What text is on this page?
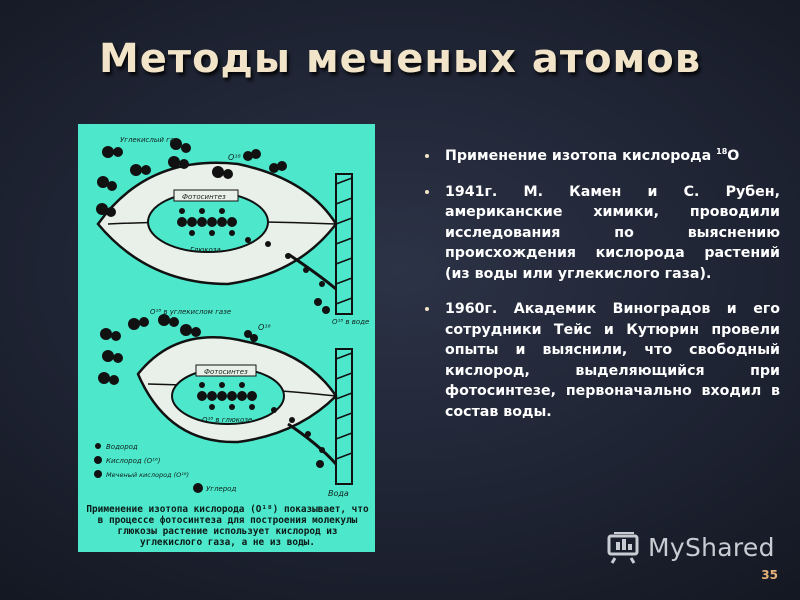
Методы меченых атомов
Углекислый газ
O¹⁸
Фотосинтез
Глюкоза
O¹⁸ в воде
O¹⁸ в углекислом газе
O¹⁶
Фотосинтез
O¹⁸ в глюкозе
Вода
Водород
Кислород (O¹⁶)
Меченый кислород (O¹⁸)
Углерод
Применение изотопа кислорода (O¹⁸) показывает, что в процессе фотосинтеза для построения молекулы глюкозы растение использует кислород из углекислого газа, а не из воды.
Применение изотопа кислорода $^{18}$O
1941г. М. Камен и С. Рубен, американские химики, проводили исследования по выяснению происхождения кислорода растений (из воды или углекислого газа).
1960г. Академик Виноградов и его сотрудники Тейс и Кутюрин провели опыты и выяснили, что свободный кислород, выделяющийся при фотосинтезе, первоначально входил в состав воды.
MyShared
35
